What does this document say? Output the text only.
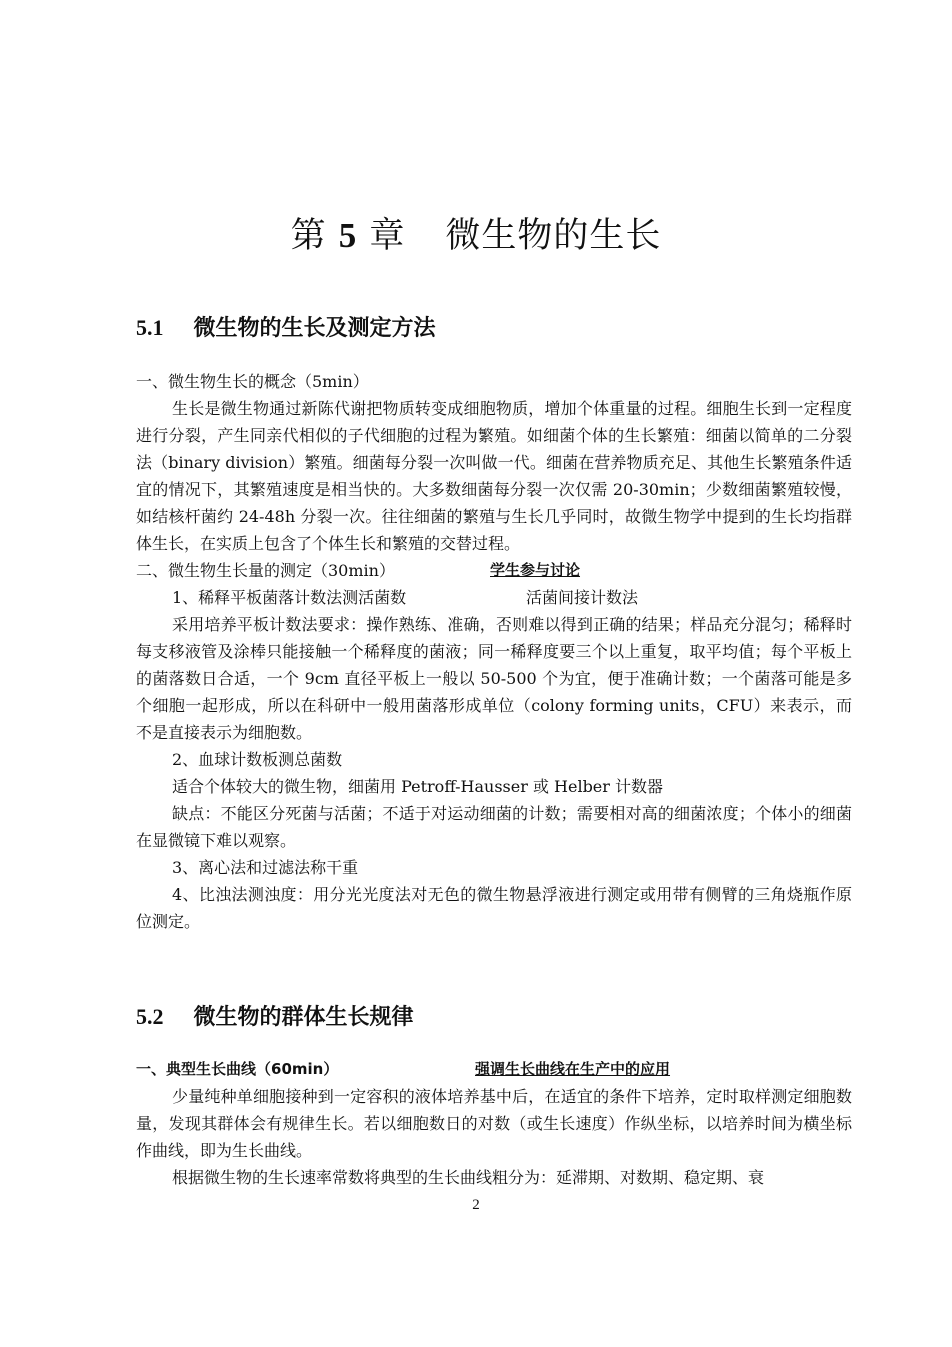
第 5 章 微生物的生长
5.1 微生物的生长及测定方法

一、微生物生长的概念（5min）

生长是微生物通过新陈代谢把物质转变成细胞物质，增加个体重量的过程。细胞生长到一定程度进行分裂，产生同亲代相似的子代细胞的过程为繁殖。如细菌个体的生长繁殖：细菌以简单的二分裂法（binary division）繁殖。细菌每分裂一次叫做一代。细菌在营养物质充足、其他生长繁殖条件适宜的情况下，其繁殖速度是相当快的。大多数细菌每分裂一次仅需 20-30min；少数细菌繁殖较慢，如结核杆菌约 24-48h 分裂一次。往往细菌的繁殖与生长几乎同时，故微生物学中提到的生长均指群体生长，在实质上包含了个体生长和繁殖的交替过程。

二、微生物生长量的测定（30min）	学生参与讨论
1、稀释平板菌落计数法测活菌数	活菌间接计数法

采用培养平板计数法要求：操作熟练、准确，否则难以得到正确的结果；样品充分混匀；稀释时每支移液管及涂棒只能接触一个稀释度的菌液；同一稀释度要三个以上重复，取平均值；每个平板上的菌落数日合适，一个 9cm 直径平板上一般以 50-500 个为宜，便于准确计数；一个菌落可能是多个细胞一起形成，所以在科研中一般用菌落形成单位（colony forming units，CFU）来表示，而不是直接表示为细胞数。

2、血球计数板测总菌数

适合个体较大的微生物，细菌用 Petroff-Hausser 或 Helber 计数器

缺点：不能区分死菌与活菌；不适于对运动细菌的计数；需要相对高的细菌浓度；个体小的细菌在显微镜下难以观察。

3、离心法和过滤法称干重

4、比浊法测浊度：用分光光度法对无色的微生物悬浮液进行测定或用带有侧臂的三角烧瓶作原位测定。

5.2 微生物的群体生长规律
一、典型生长曲线（60min）	强调生长曲线在生产中的应用

少量纯种单细胞接种到一定容积的液体培养基中后，在适宜的条件下培养，定时取样测定细胞数量，发现其群体会有规律生长。若以细胞数日的对数（或生长速度）作纵坐标，以培养时间为横坐标作曲线，即为生长曲线。

根据微生物的生长速率常数将典型的生长曲线粗分为：延滞期、对数期、稳定期、衰

2
